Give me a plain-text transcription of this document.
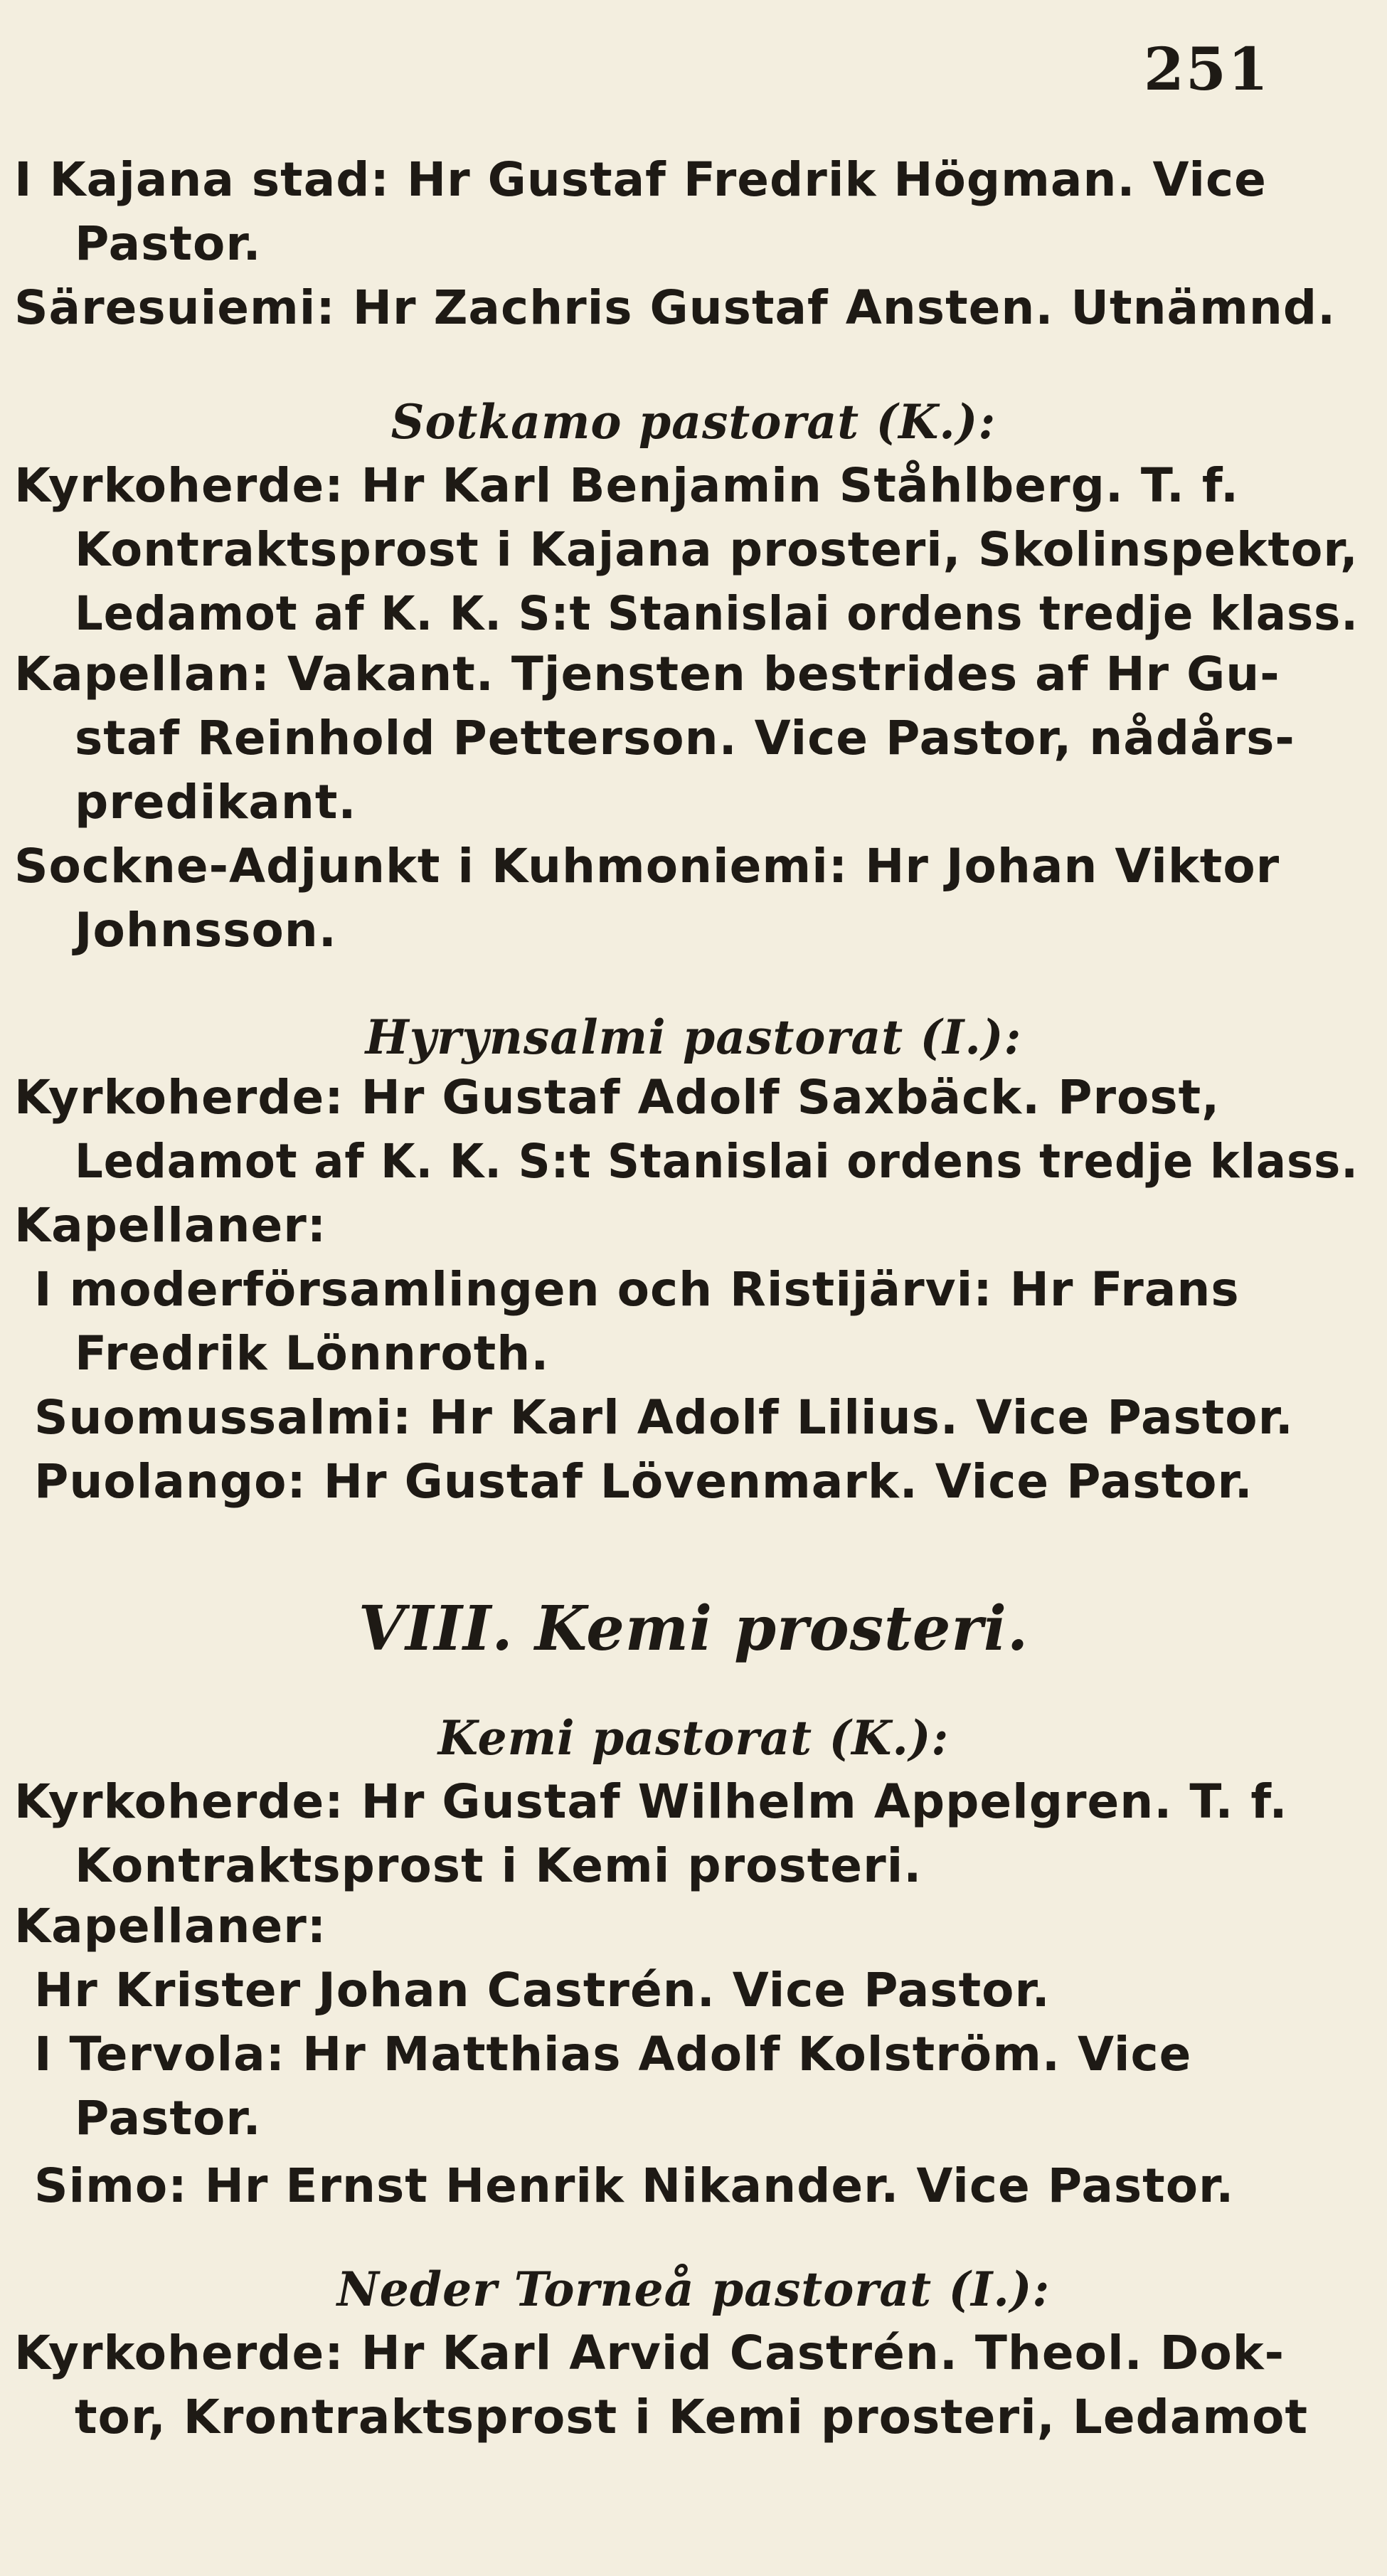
251
I Kajana stad: Hr Gustaf Fredrik Högman. Vice
Pastor.
Säresuiemi: Hr Zachris Gustaf Ansten. Utnämnd.
Sotkamo pastorat (K.):
Kyrkoherde: Hr Karl Benjamin Ståhlberg. T. f.
Kontraktsprost i Kajana prosteri, Skolinspektor,
Ledamot af K. K. S:t Stanislai ordens tredje klass.
Kapellan: Vakant. Tjensten bestrides af Hr Gu-
staf Reinhold Petterson. Vice Pastor, nådårs-
predikant.
Sockne-Adjunkt i Kuhmoniemi: Hr Johan Viktor
Johnsson.
Hyrynsalmi pastorat (I.):
Kyrkoherde: Hr Gustaf Adolf Saxbäck. Prost,
Ledamot af K. K. S:t Stanislai ordens tredje klass.
Kapellaner:
I moderförsamlingen och Ristijärvi: Hr Frans
Fredrik Lönnroth.
Suomussalmi: Hr Karl Adolf Lilius. Vice Pastor.
Puolango: Hr Gustaf Lövenmark. Vice Pastor.
VIII. Kemi prosteri.
Kemi pastorat (K.):
Kyrkoherde: Hr Gustaf Wilhelm Appelgren. T. f.
Kontraktsprost i Kemi prosteri.
Kapellaner:
Hr Krister Johan Castrén. Vice Pastor.
I Tervola: Hr Matthias Adolf Kolström. Vice
Pastor.
Simo: Hr Ernst Henrik Nikander. Vice Pastor.
Neder Torneå pastorat (I.):
Kyrkoherde: Hr Karl Arvid Castrén. Theol. Dok-
tor, Krontraktsprost i Kemi prosteri, Ledamot
